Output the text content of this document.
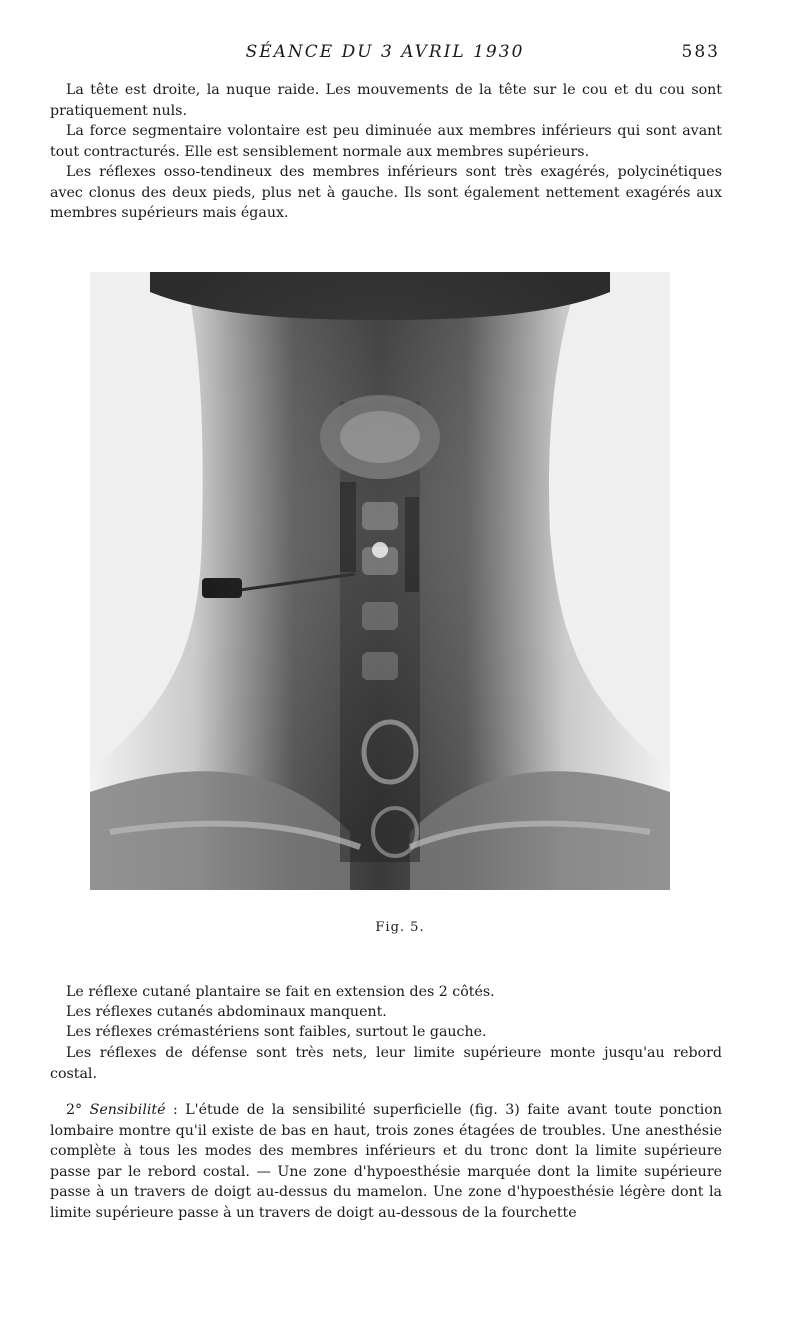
SÉANCE DU 3 AVRIL 1930	583

La tête est droite, la nuque raide. Les mouvements de la tête sur le cou et du cou sont pratiquement nuls.

La force segmentaire volontaire est peu diminuée aux membres inférieurs qui sont avant tout contracturés. Elle est sensiblement normale aux membres supérieurs.

Les réflexes osso-tendineux des membres inférieurs sont très exagérés, polycinétiques avec clonus des deux pieds, plus net à gauche. Ils sont également nettement exagérés aux membres supérieurs mais égaux.

Fig. 5.

Le réflexe cutané plantaire se fait en extension des 2 côtés.

Les réflexes cutanés abdominaux manquent.

Les réflexes crémastériens sont faibles, surtout le gauche.

Les réflexes de défense sont très nets, leur limite supérieure monte jusqu'au rebord costal.

2° Sensibilité : L'étude de la sensibilité superficielle (fig. 3) faite avant toute ponction lombaire montre qu'il existe de bas en haut, trois zones étagées de troubles. Une anesthésie complète à tous les modes des membres inférieurs et du tronc dont la limite supérieure passe par le rebord costal. — Une zone d'hypoesthésie marquée dont la limite supérieure passe à un travers de doigt au-dessus du mamelon. Une zone d'hypoesthésie légère dont la limite supérieure passe à un travers de doigt au-dessous de la fourchette
